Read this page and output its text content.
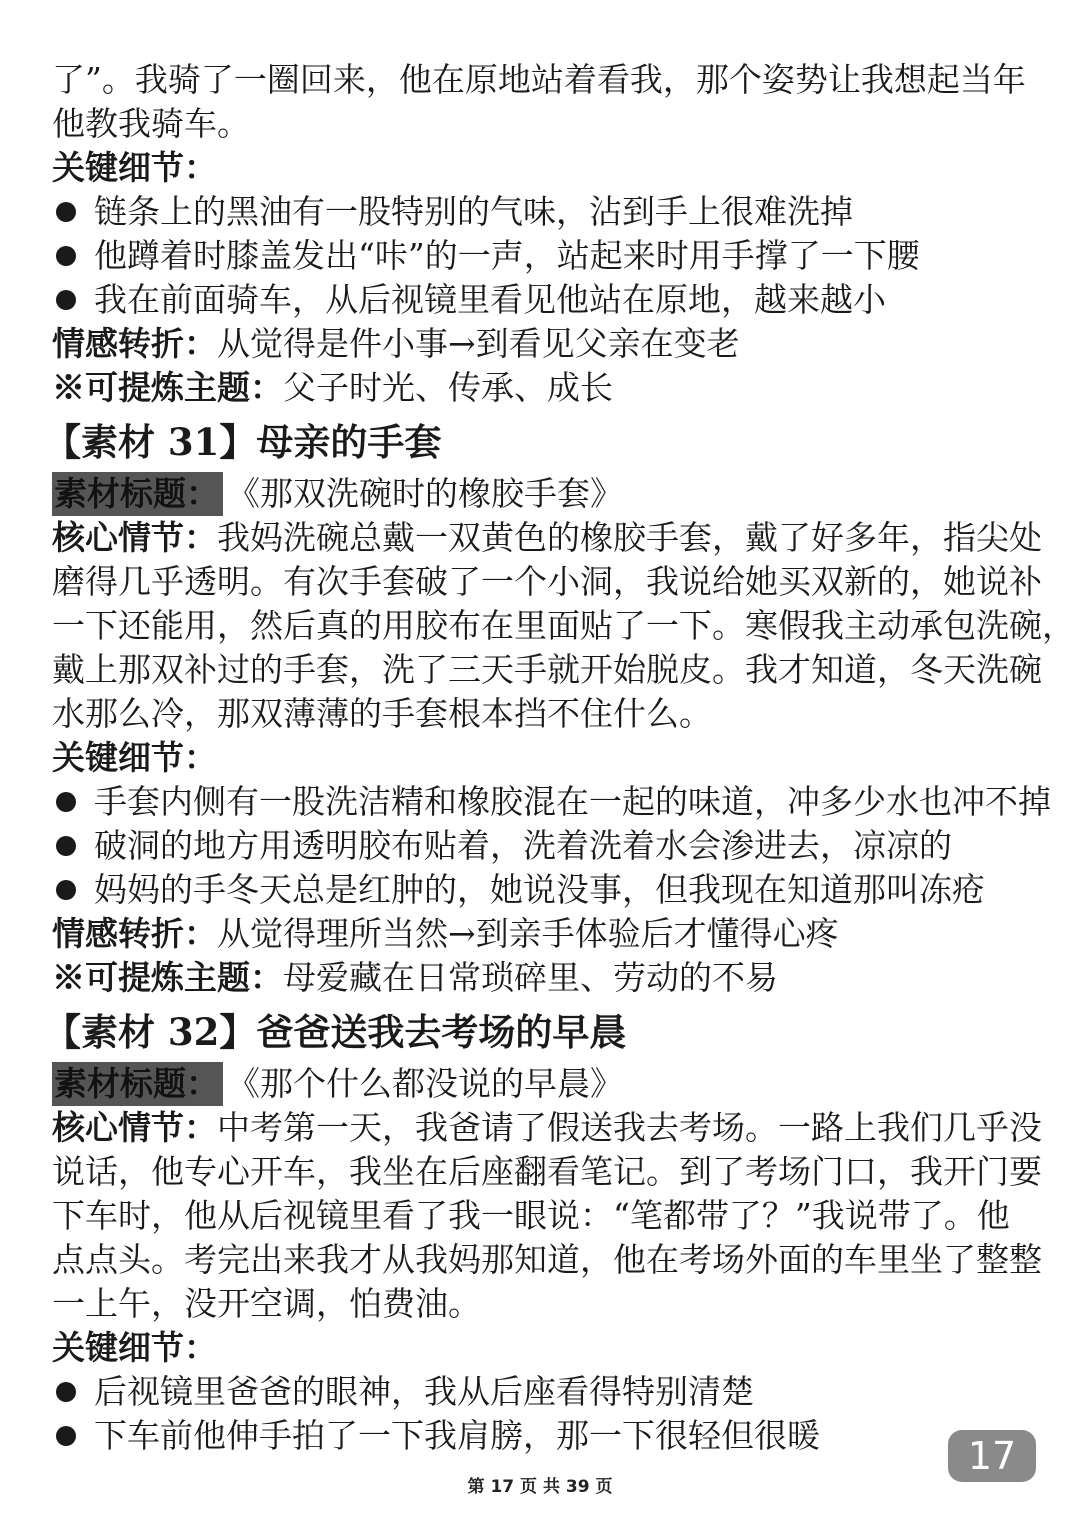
了”。我骑了一圈回来，他在原地站着看我，那个姿势让我想起当年

他教我骑车。

关键细节：

链条上的黑油有一股特别的气味，沾到手上很难洗掉
他蹲着时膝盖发出“咔”的一声，站起来时用手撑了一下腰
我在前面骑车，从后视镜里看见他站在原地，越来越小

情感转折：从觉得是件小事→到看见父亲在变老

※可提炼主题：父子时光、传承、成长

【素材 31】母亲的手套
素材标题： 《那双洗碗时的橡胶手套》

核心情节：我妈洗碗总戴一双黄色的橡胶手套，戴了好多年，指尖处

磨得几乎透明。有次手套破了一个小洞，我说给她买双新的，她说补

一下还能用，然后真的用胶布在里面贴了一下。寒假我主动承包洗碗，

戴上那双补过的手套，洗了三天手就开始脱皮。我才知道，冬天洗碗

水那么冷，那双薄薄的手套根本挡不住什么。

关键细节：

手套内侧有一股洗洁精和橡胶混在一起的味道，冲多少水也冲不掉
破洞的地方用透明胶布贴着，洗着洗着水会渗进去，凉凉的
妈妈的手冬天总是红肿的，她说没事，但我现在知道那叫冻疮

情感转折：从觉得理所当然→到亲手体验后才懂得心疼

※可提炼主题：母爱藏在日常琐碎里、劳动的不易

【素材 32】爸爸送我去考场的早晨
素材标题： 《那个什么都没说的早晨》

核心情节：中考第一天，我爸请了假送我去考场。一路上我们几乎没

说话，他专心开车，我坐在后座翻看笔记。到了考场门口，我开门要

下车时，他从后视镜里看了我一眼说：“笔都带了？”我说带了。他

点点头。考完出来我才从我妈那知道，他在考场外面的车里坐了整整

一上午，没开空调，怕费油。

关键细节：

后视镜里爸爸的眼神，我从后座看得特别清楚
下车前他伸手拍了一下我肩膀，那一下很轻但很暖	17
第 17 页 共 39 页
